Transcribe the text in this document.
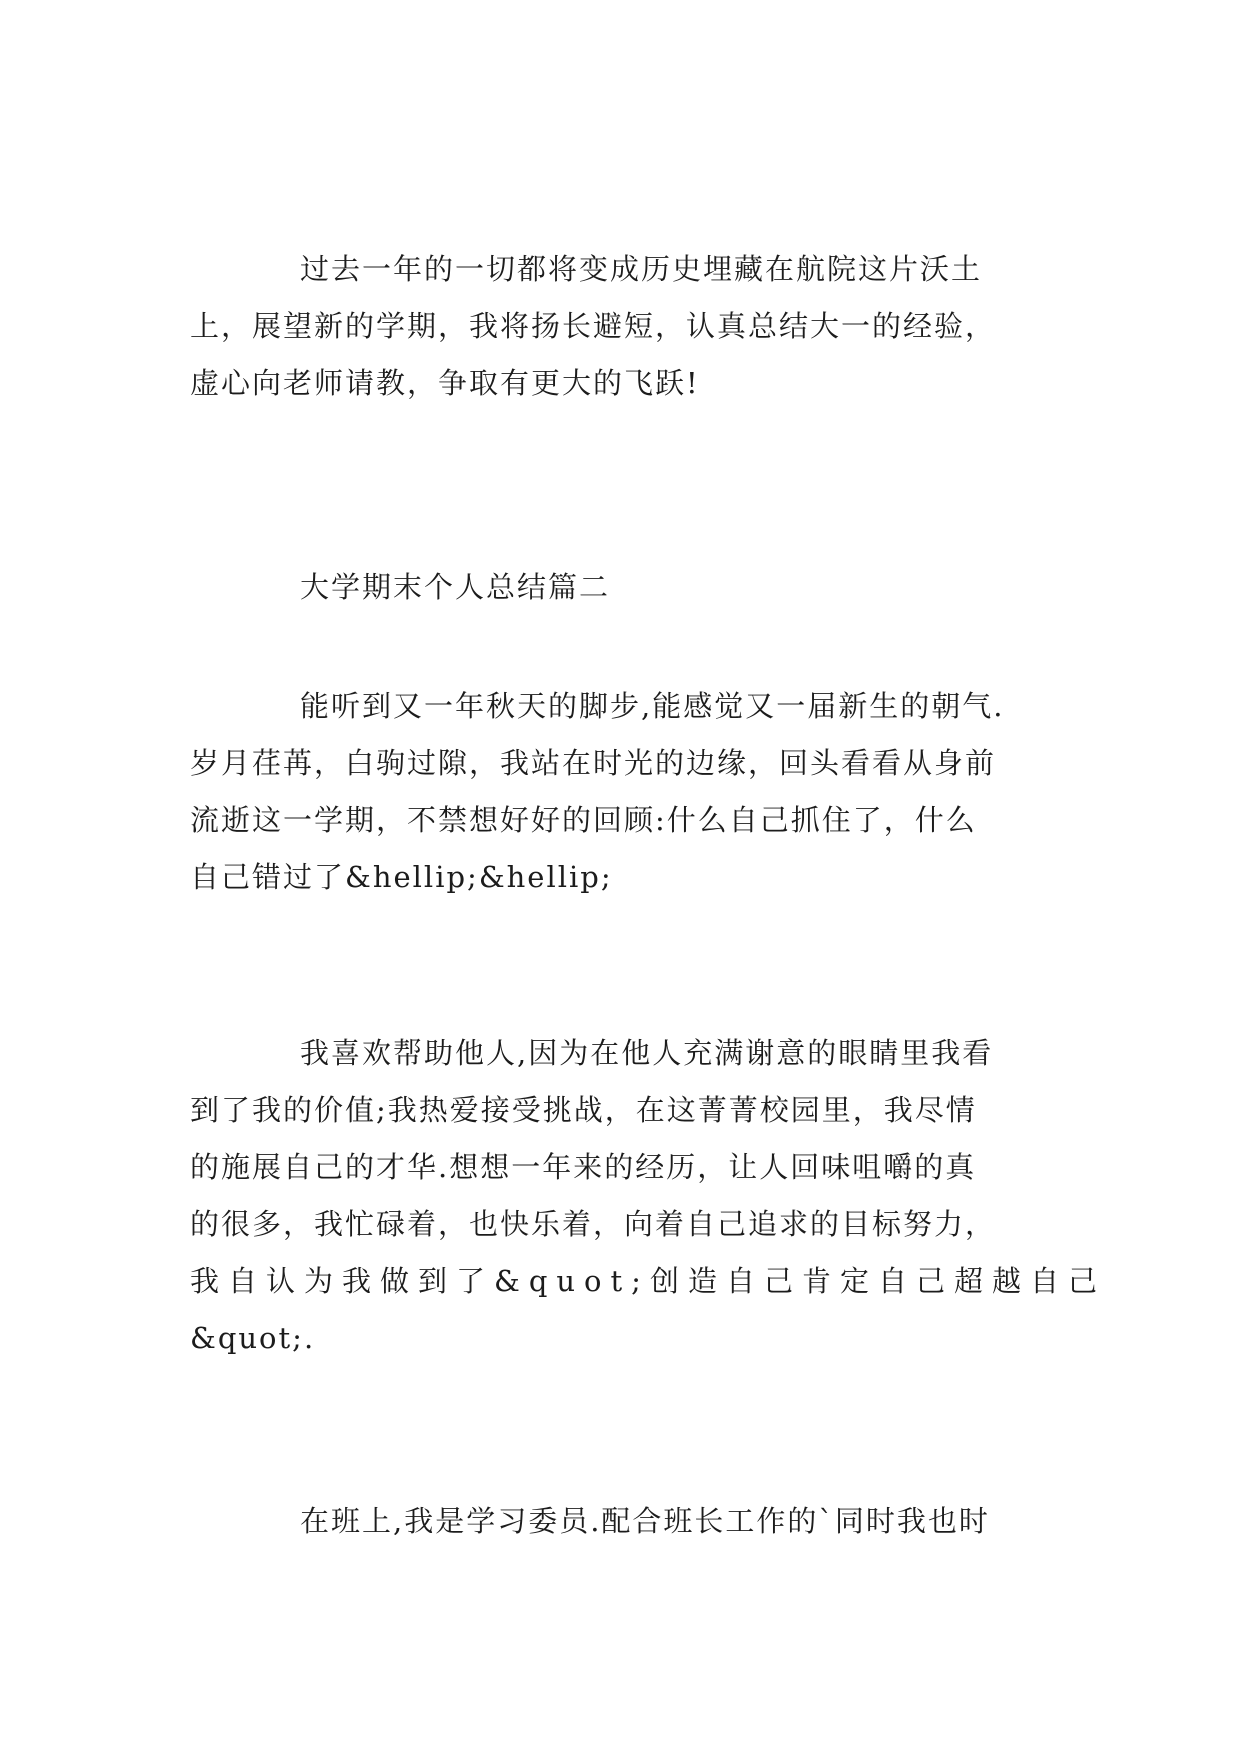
过去一年的一切都将变成历史埋藏在航院这片沃土
上，展望新的学期，我将扬长避短，认真总结大一的经验，
虚心向老师请教，争取有更大的飞跃!
大学期末个人总结篇二
能听到又一年秋天的脚步,能感觉又一届新生的朝气.
岁月荏苒，白驹过隙，我站在时光的边缘，回头看看从身前
流逝这一学期，不禁想好好的回顾:什么自己抓住了，什么
自己错过了&hellip;&hellip;
我喜欢帮助他人,因为在他人充满谢意的眼睛里我看
到了我的价值;我热爱接受挑战，在这菁菁校园里，我尽情
的施展自己的才华.想想一年来的经历，让人回味咀嚼的真
的很多，我忙碌着，也快乐着，向着自己追求的目标努力，
我自认为我做到了&quot;创造自己肯定自己超越自己
&quot;.
在班上,我是学习委员.配合班长工作的`同时我也时
